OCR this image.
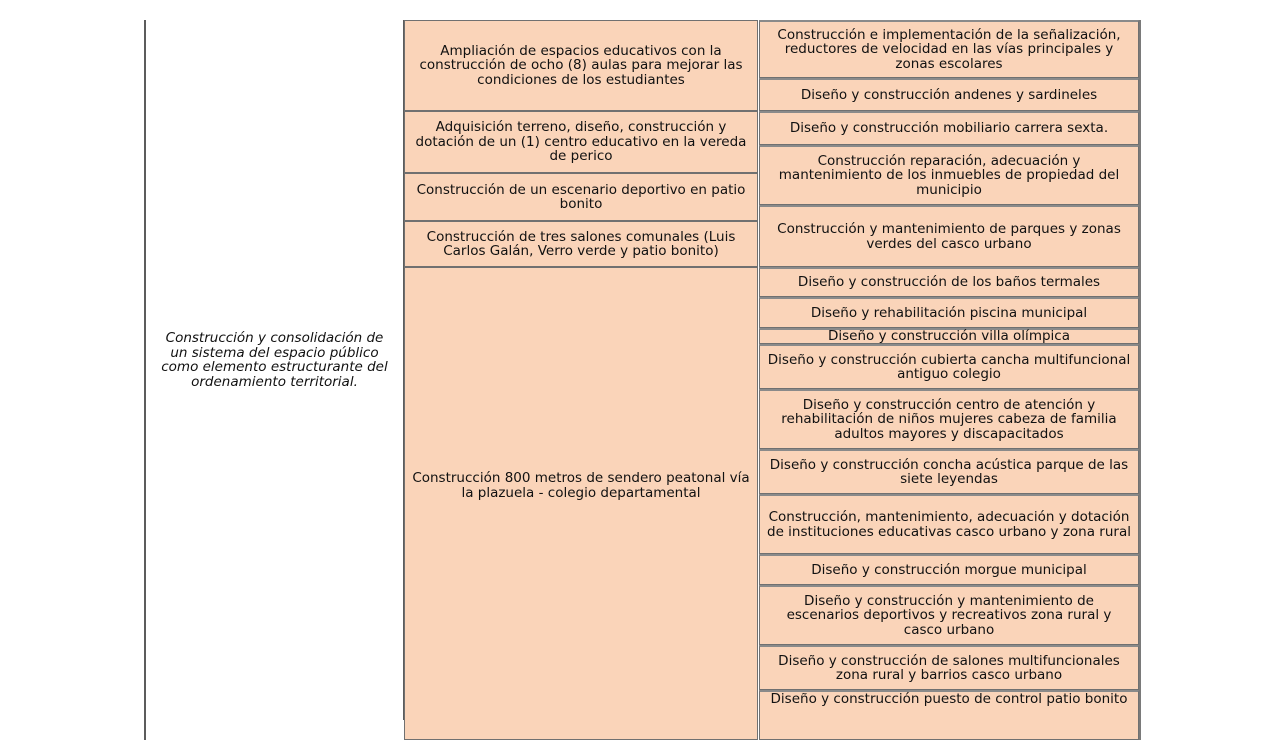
Construcción y consolidación de un sistema del espacio público como elemento estructurante del ordenamiento territorial.
Ampliación de espacios educativos con la construcción de ocho (8) aulas para mejorar las condiciones de los estudiantes
Adquisición terreno, diseño, construcción y dotación de un (1) centro educativo en la vereda de perico
Construcción de un escenario deportivo en patio bonito
Construcción de tres salones comunales (Luis Carlos Galán, Verro verde y patio bonito)
Construcción 800 metros de sendero peatonal vía la plazuela - colegio departamental
Construcción e implementación de la señalización, reductores de velocidad en las vías principales y zonas escolares
Diseño y construcción andenes y sardineles
Diseño y construcción mobiliario carrera sexta.
Construcción reparación, adecuación y mantenimiento de los inmuebles de propiedad del municipio
Construcción y mantenimiento de parques y zonas verdes del casco urbano
Diseño y construcción de los baños termales
Diseño y rehabilitación piscina municipal
Diseño y construcción villa olímpica
Diseño y construcción cubierta cancha multifuncional antiguo colegio
Diseño y construcción centro de atención y rehabilitación de niños mujeres cabeza de familia adultos mayores y discapacitados
Diseño y construcción concha acústica parque de las siete leyendas
Construcción, mantenimiento, adecuación y dotación de instituciones educativas casco urbano y zona rural
Diseño y construcción morgue municipal
Diseño y construcción y mantenimiento de escenarios deportivos y recreativos zona rural y casco urbano
Diseño y construcción de salones multifuncionales zona rural y barrios casco urbano
Diseño y construcción puesto de control patio bonito
